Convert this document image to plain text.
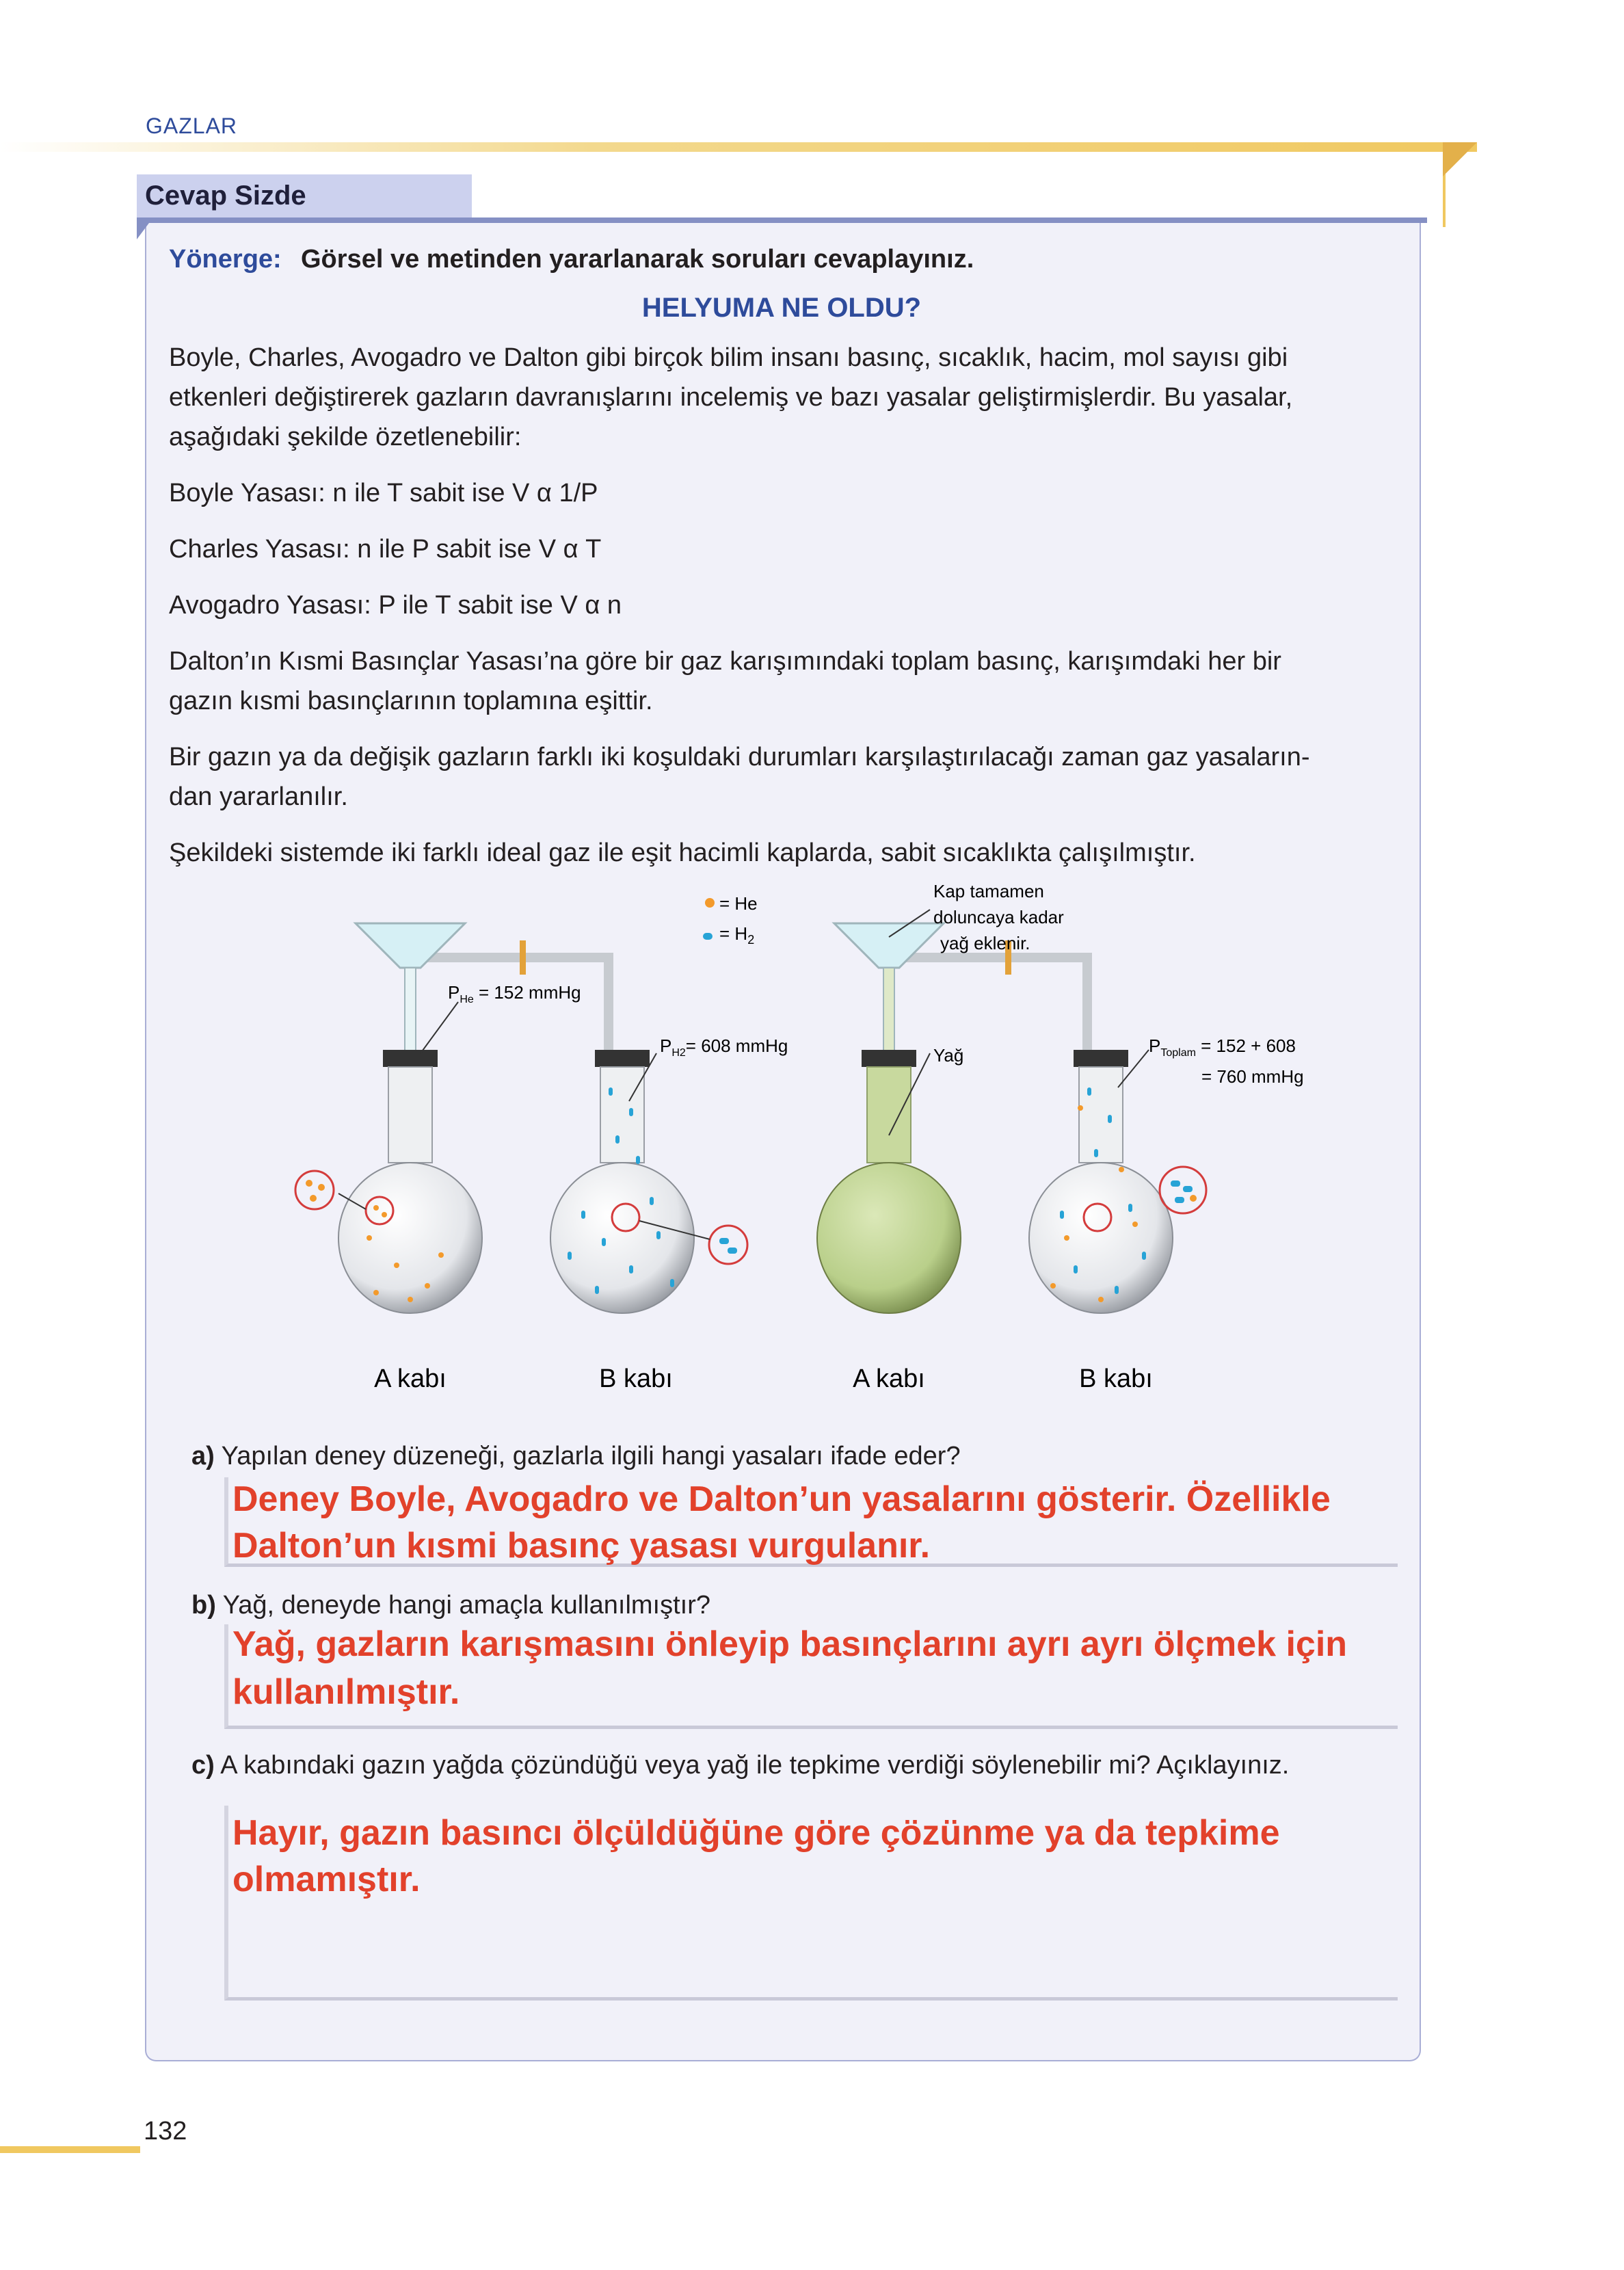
GAZLAR
Cevap Sizde
Yönerge: Görsel ve metinden yararlanarak soruları cevaplayınız.
HELYUMA NE OLDU?
Boyle, Charles, Avogadro ve Dalton gibi birçok bilim insanı basınç, sıcaklık, hacim, mol sayısı gibi
etkenleri değiştirerek gazların davranışlarını incelemiş ve bazı yasalar geliştirmişlerdir. Bu yasalar,
aşağıdaki şekilde özetlenebilir:
Boyle Yasası: n ile T sabit ise V α 1/P
Charles Yasası: n ile P sabit ise V α T
Avogadro Yasası: P ile T sabit ise V α n
Dalton’ın Kısmi Basınçlar Yasası’na göre bir gaz karışımındaki toplam basınç, karışımdaki her bir
gazın kısmi basınçlarının toplamına eşittir.
Bir gazın ya da değişik gazların farklı iki koşuldaki durumları karşılaştırılacağı zaman gaz yasaların-
dan yararlanılır.
Şekildeki sistemde iki farklı ideal gaz ile eşit hacimli kaplarda, sabit sıcaklıkta çalışılmıştır.
= He
= $H_2$
Kap tamamen
doluncaya kadar
yağ eklenir.
$P_{He} = 152$ mmHg
$P_{H2}= 608$ mmHg	Yağ	$P_{Toplam} = 152 + 608$
= 760 mmHg
A kabı	B kabı	A kabı	B kabı
a) Yapılan deney düzeneği, gazlarla ilgili hangi yasaları ifade eder?
Deney Boyle, Avogadro ve Dalton’un yasalarını gösterir. Özellikle
Dalton’un kısmi basınç yasası vurgulanır.
b) Yağ, deneyde hangi amaçla kullanılmıştır?
Yağ, gazların karışmasını önleyip basınçlarını ayrı ayrı ölçmek için
kullanılmıştır.
c) A kabındaki gazın yağda çözündüğü veya yağ ile tepkime verdiği söylenebilir mi? Açıklayınız.
Hayır, gazın basıncı ölçüldüğüne göre çözünme ya da tepkime
olmamıştır.
132
